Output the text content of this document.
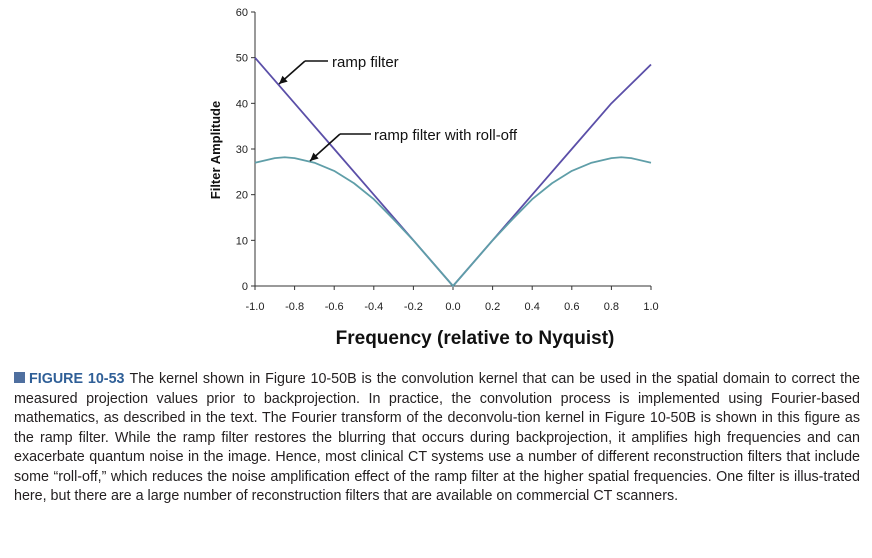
0
10
20
30
40
50
60
-1.0 -0.8 -0.6 -0.4 -0.2 0.0 0.2 0.4 0.6 0.8 1.0
ramp filter
ramp filter with roll-off
Frequency (relative to Nyquist)
Filter Amplitude
FIGURE 10-53 The kernel shown in Figure 10-50B is the convolution kernel that can be used in the spatial domain to correct the measured projection values prior to backprojection. In practice, the convolution process is implemented using Fourier-based mathematics, as described in the text. The Fourier transform of the deconvolu-tion kernel in Figure 10-50B is shown in this figure as the ramp filter. While the ramp filter restores the blurring that occurs during backprojection, it amplifies high frequencies and can exacerbate quantum noise in the image. Hence, most clinical CT systems use a number of different reconstruction filters that include some “roll-off,” which reduces the noise amplification effect of the ramp filter at the higher spatial frequencies. One filter is illus-trated here, but there are a large number of reconstruction filters that are available on commercial CT scanners.
